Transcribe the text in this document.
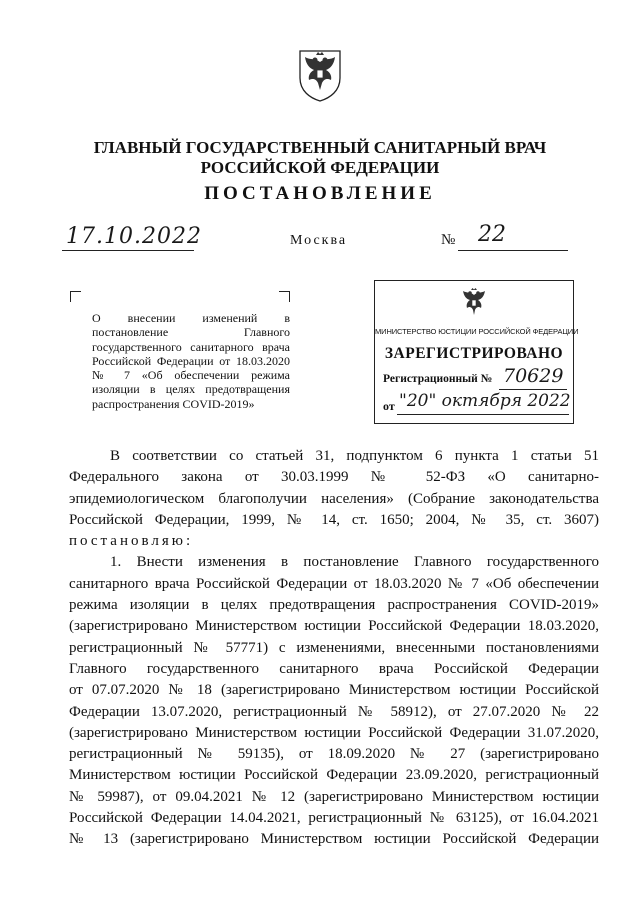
ГЛАВНЫЙ ГОСУДАРСТВЕННЫЙ САНИТАРНЫЙ ВРАЧ
РОССИЙСКОЙ ФЕДЕРАЦИИ
ПОСТАНОВЛЕНИЕ
17.10.2022	Москва	№ 22
О внесении изменений в постановление Главного государственного санитарного врача Российской Федерации от 18.03.2020 № 7 «Об обеспечении режима изоляции в целях предотвращения распространения COVID-2019»
МИНИСТЕРСТВО ЮСТИЦИИ РОССИЙСКОЙ ФЕДЕРАЦИИ
ЗАРЕГИСТРИРОВАНО
Регистрационный № 70629
от "20" октября 2022

В соответствии со статьей 31, подпунктом 6 пункта 1 статьи 51

Федерального закона от 30.03.1999 № 52-ФЗ «О санитарно-

эпидемиологическом благополучии населения» (Собрание законодательства

Российской Федерации, 1999, № 14, ст. 1650; 2004, № 35, ст. 3607)

постановляю:

1. Внести изменения в постановление Главного государственного

санитарного врача Российской Федерации от 18.03.2020 № 7 «Об обеспечении

режима изоляции в целях предотвращения распространения COVID-2019»

(зарегистрировано Министерством юстиции Российской Федерации 18.03.2020,

регистрационный № 57771) с изменениями, внесенными постановлениями

Главного государственного санитарного врача Российской Федерации

от 07.07.2020 № 18 (зарегистрировано Министерством юстиции Российской

Федерации 13.07.2020, регистрационный № 58912), от 27.07.2020 № 22

(зарегистрировано Министерством юстиции Российской Федерации 31.07.2020,

регистрационный № 59135), от 18.09.2020 № 27 (зарегистрировано

Министерством юстиции Российской Федерации 23.09.2020, регистрационный

№ 59987), от 09.04.2021 № 12 (зарегистрировано Министерством юстиции

Российской Федерации 14.04.2021, регистрационный № 63125), от 16.04.2021

№ 13 (зарегистрировано Министерством юстиции Российской Федерации
